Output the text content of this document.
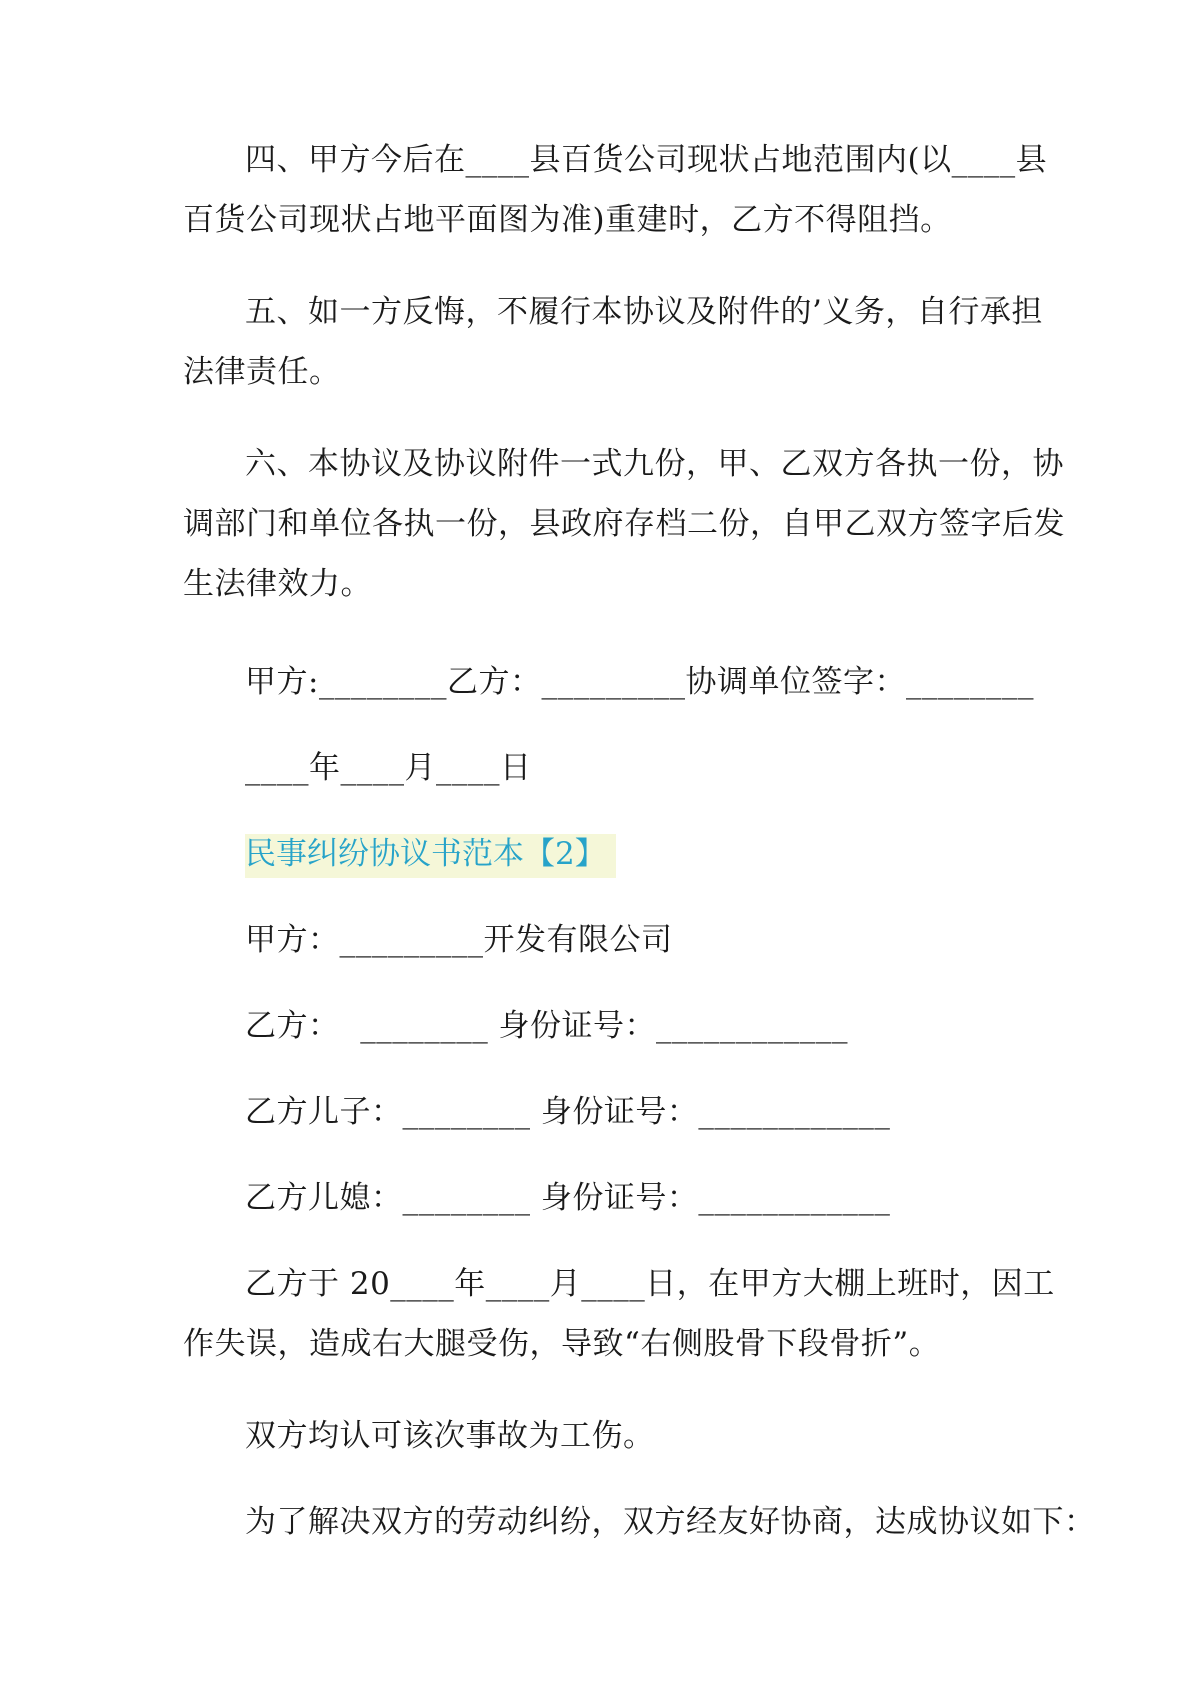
四、甲方今后在____县百货公司现状占地范围内(以____县
百货公司现状占地平面图为准)重建时，乙方不得阻挡。
五、如一方反悔，不履行本协议及附件的’义务，自行承担
法律责任。
六、本协议及协议附件一式九份，甲、乙双方各执一份，协
调部门和单位各执一份，县政府存档二份，自甲乙双方签字后发
生法律效力。
甲方:________乙方：_________协调单位签字：________
____年____月____日
民事纠纷协议书范本【2】
甲方：_________开发有限公司
乙方：  ________ 身份证号：____________
乙方儿子：________ 身份证号：____________
乙方儿媳：________ 身份证号：____________
乙方于 20____年____月____日，在甲方大棚上班时，因工
作失误，造成右大腿受伤，导致“右侧股骨下段骨折”。
双方均认可该次事故为工伤。
为了解决双方的劳动纠纷，双方经友好协商，达成协议如下：
